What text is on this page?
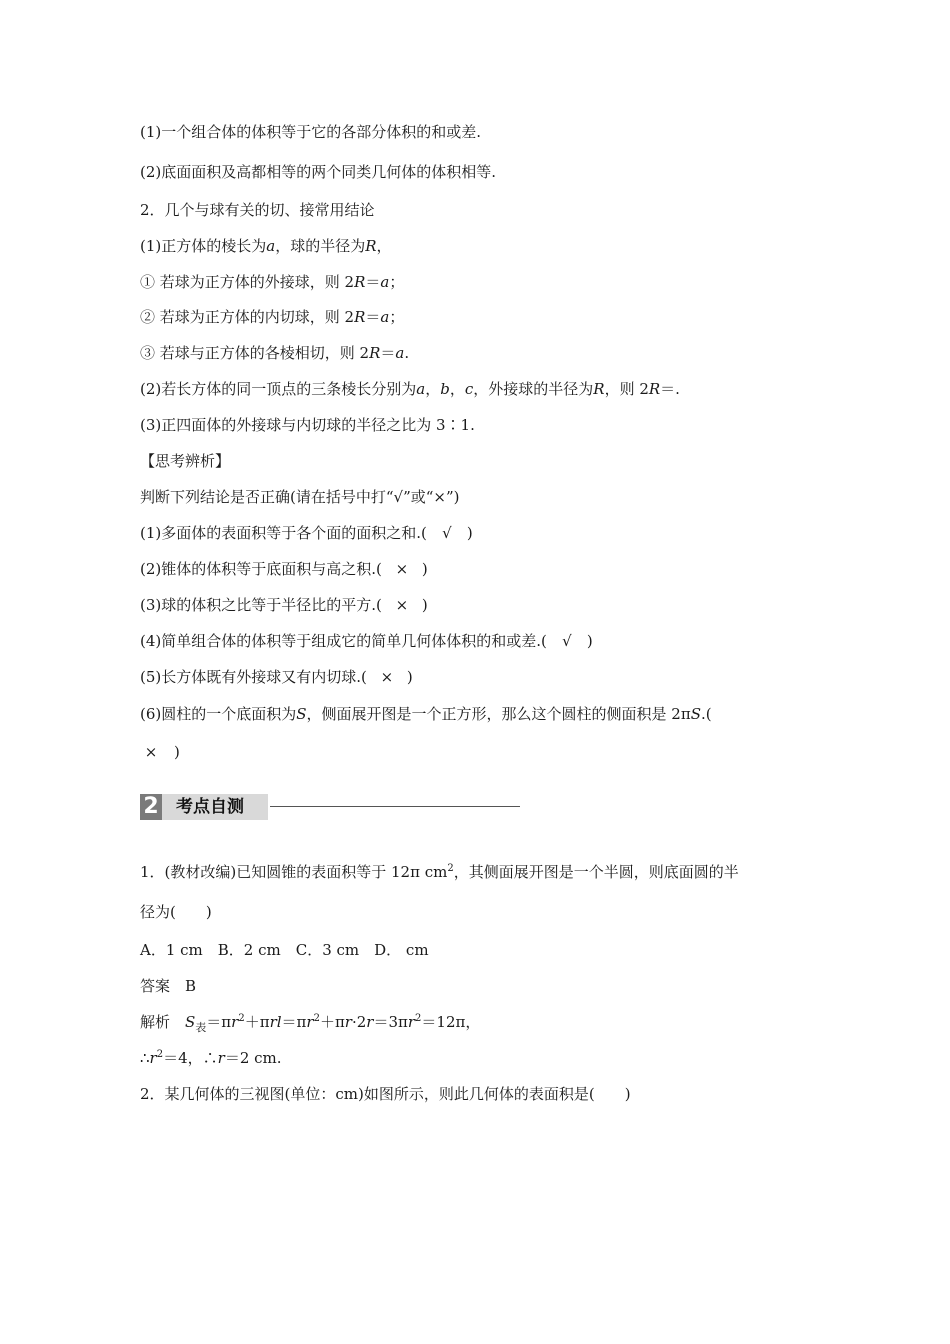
(1)一个组合体的体积等于它的各部分体积的和或差.
(2)底面面积及高都相等的两个同类几何体的体积相等.
2．几个与球有关的切、接常用结论
(1)正方体的棱长为a，球的半径为R，
① 若球为正方体的外接球，则 2R＝a；
② 若球为正方体的内切球，则 2R＝a；
③ 若球与正方体的各棱相切，则 2R＝a.
(2)若长方体的同一顶点的三条棱长分别为a，b，c，外接球的半径为R，则 2R＝.
(3)正四面体的外接球与内切球的半径之比为 3∶1.
【思考辨析】
判断下列结论是否正确(请在括号中打“√”或“×”)
(1)多面体的表面积等于各个面的面积之和.( √ )
(2)锥体的体积等于底面积与高之积.( × )
(3)球的体积之比等于半径比的平方.( × )
(4)简单组合体的体积等于组成它的简单几何体体积的和或差.( √ )
(5)长方体既有外接球又有内切球.( × )
(6)圆柱的一个底面积为S，侧面展开图是一个正方形，那么这个圆柱的侧面积是 2πS.(
× )
2 考点自测
1．(教材改编)已知圆锥的表面积等于 12π $cm^2$，其侧面展开图是一个半圆，则底面圆的半
径为(　　)
A．1 cm　B．2 cm　C．3 cm　D． cm
答案　B
解析　$S_表=\pi r^2+\pi rl=\pi r^2+\pi r\cdot 2r=3\pi r^2=12\pi$，
$\therefore r^2=4$，∴r＝2 cm.
2．某几何体的三视图(单位：cm)如图所示，则此几何体的表面积是(　　)
